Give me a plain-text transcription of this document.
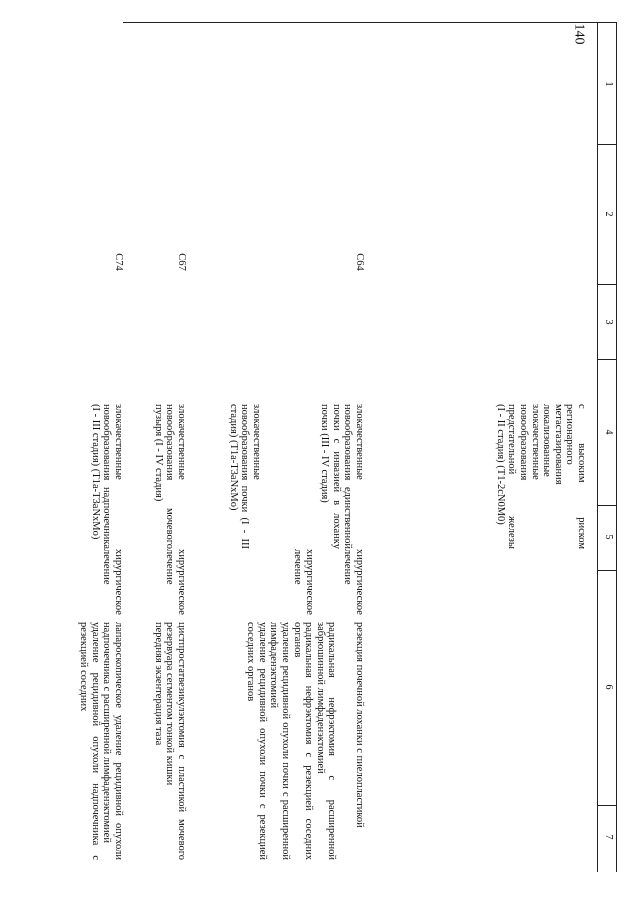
140
1
2
3
4
5
6
7
с высоким риском
регионарного
метастазирования
локализованные
злокачественные
новообразования
предстательной железы
(I - II стадия) (T1-2cN0M0)
C64
злокачественные новообразования единственной почки с инвазией в лоханку почки (III - IV стадия)
злокачественные новообразования почки (I - III стадия) (T1a-T3aNxMo)
хирургическое лечение
хирургическое лечение
резекция почечной лоханки с пиелопластикой
радикальная нефрэктомия с расширенной забрюшинной лимфаденэктомией
радикальная нефрэктомия с резекцией соседних органов
удаление рецидивной опухоли почки с расширенной лимфаденэктомией
удаление рецидивной опухоли почки с резекцией соседних органов
C67
злокачественные новообразования мочевого пузыря (I - IV стадия)
хирургическое лечение
цистпростатвезикулэктомия с пластикой мочевого резервуара сегментом тонкой кишки
передняя экзентерация таза
C74
злокачественные новообразования надпочечника (I - III стадия) (T1a-T3aNxMo)
хирургическое лечение
лапароскопическое удаление рецидивной опухоли надпочечника с расширенной лимфаденэктомией
удаление рецидивной опухоли надпочечника с резекцией соседних
